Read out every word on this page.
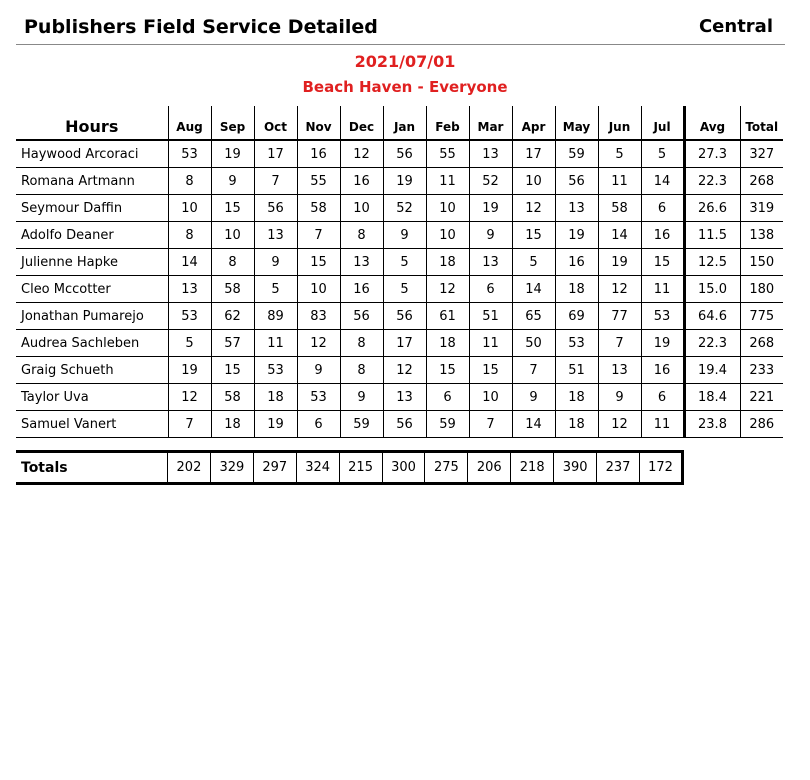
Publishers Field Service Detailed	Central
2021/07/01
Beach Haven - Everyone
Hours	Aug	Sep	Oct	Nov	Dec	Jan	Feb	Mar	Apr	May	Jun	Jul	Avg	Total
Haywood Arcoraci	53	19	17	16	12	56	55	13	17	59	5	5	27.3	327
Romana Artmann	8	9	7	55	16	19	11	52	10	56	11	14	22.3	268
Seymour Daffin	10	15	56	58	10	52	10	19	12	13	58	6	26.6	319
Adolfo Deaner	8	10	13	7	8	9	10	9	15	19	14	16	11.5	138
Julienne Hapke	14	8	9	15	13	5	18	13	5	16	19	15	12.5	150
Cleo Mccotter	13	58	5	10	16	5	12	6	14	18	12	11	15.0	180
Jonathan Pumarejo	53	62	89	83	56	56	61	51	65	69	77	53	64.6	775
Audrea Sachleben	5	57	11	12	8	17	18	11	50	53	7	19	22.3	268
Graig Schueth	19	15	53	9	8	12	15	15	7	51	13	16	19.4	233
Taylor Uva	12	58	18	53	9	13	6	10	9	18	9	6	18.4	221
Samuel Vanert	7	18	19	6	59	56	59	7	14	18	12	11	23.8	286
Totals	202	329	297	324	215	300	275	206	218	390	237	172
